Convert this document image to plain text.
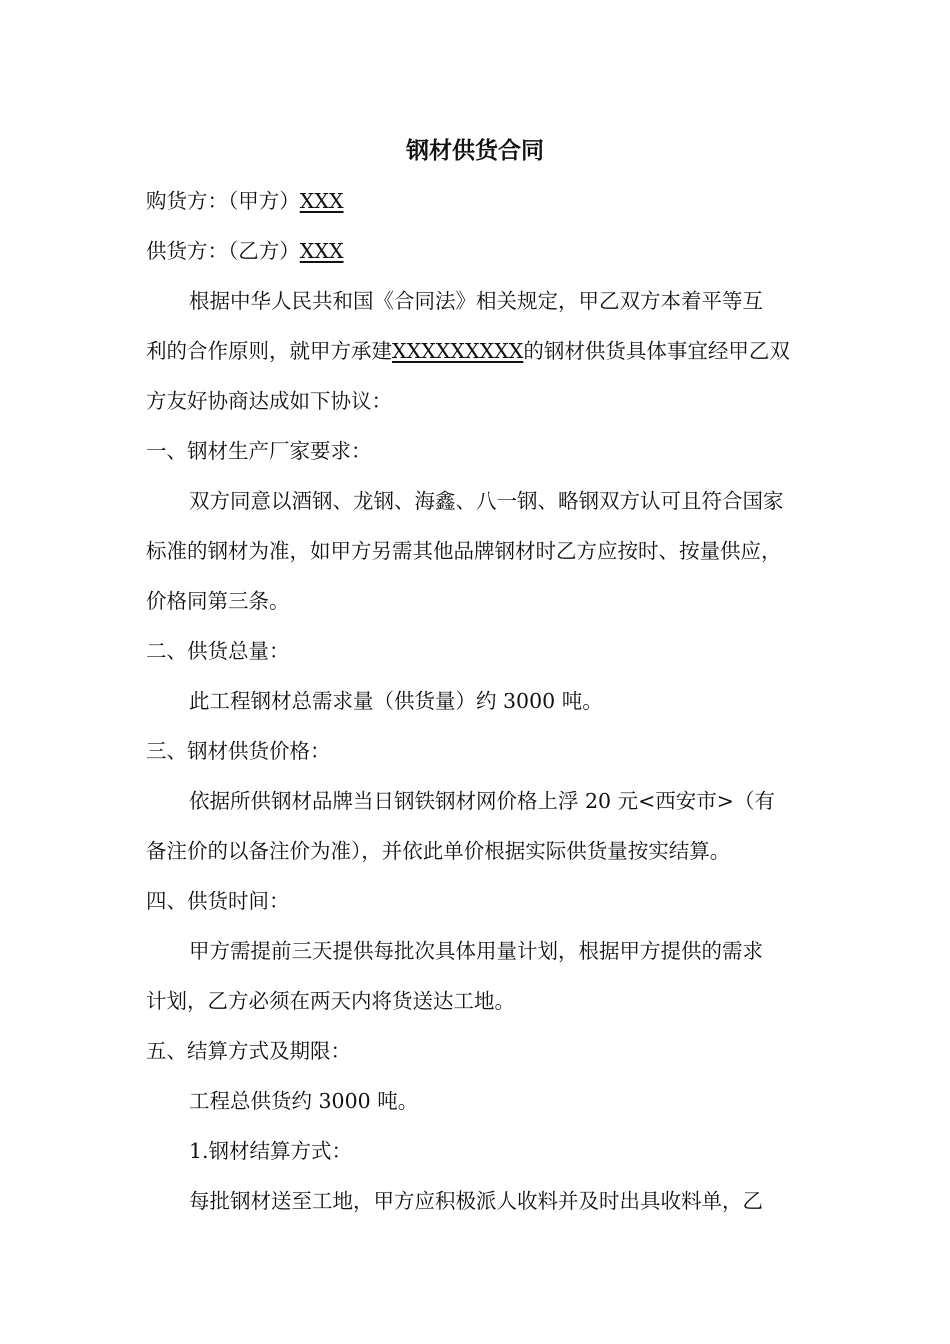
钢材供货合同
购货方：（甲方）XXX
供货方：（乙方）XXX
根据中华人民共和国《合同法》相关规定，甲乙双方本着平等互
利的合作原则，就甲方承建XXXXXXXXX的钢材供货具体事宜经甲乙双
方友好协商达成如下协议：
一、钢材生产厂家要求：
双方同意以酒钢、龙钢、海鑫、八一钢、略钢双方认可且符合国家
标准的钢材为准，如甲方另需其他品牌钢材时乙方应按时、按量供应，
价格同第三条。
二、供货总量：
此工程钢材总需求量（供货量）约 3000 吨。
三、钢材供货价格：
依据所供钢材品牌当日钢铁钢材网价格上浮 20 元<西安市>（有
备注价的以备注价为准），并依此单价根据实际供货量按实结算。
四、供货时间：
甲方需提前三天提供每批次具体用量计划，根据甲方提供的需求
计划，乙方必须在两天内将货送达工地。
五、结算方式及期限：
工程总供货约 3000 吨。
1.钢材结算方式：
每批钢材送至工地，甲方应积极派人收料并及时出具收料单，乙
